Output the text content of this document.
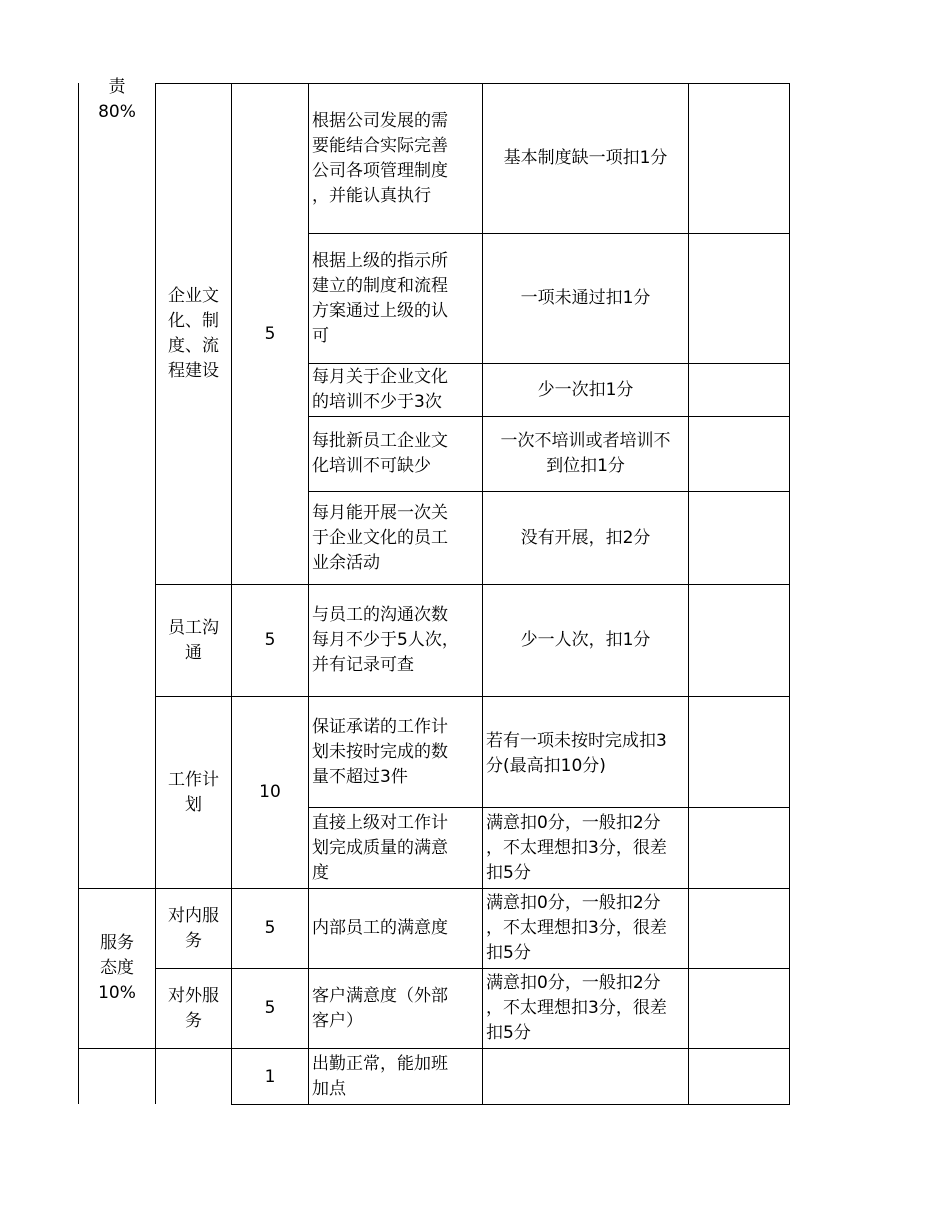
责
80%
企业文
化、制
度、流
程建设
5
根据公司发展的需
要能结合实际完善
公司各项管理制度
，并能认真执行
基本制度缺一项扣1分
根据上级的指示所
建立的制度和流程
方案通过上级的认
可
一项未通过扣1分
每月关于企业文化
的培训不少于3次
少一次扣1分
每批新员工企业文
化培训不可缺少
一次不培训或者培训不
到位扣1分
每月能开展一次关
于企业文化的员工
业余活动
没有开展，扣2分
员工沟
通
5
与员工的沟通次数
每月不少于5人次，
并有记录可查
少一人次，扣1分
工作计
划
10
保证承诺的工作计
划未按时完成的数
量不超过3件
若有一项未按时完成扣3
分(最高扣10分)
直接上级对工作计
划完成质量的满意
度
满意扣0分，一般扣2分
，不太理想扣3分，很差
扣5分
服务
态度
10%
对内服
务
5	内部员工的满意度
满意扣0分，一般扣2分
，不太理想扣3分，很差
扣5分
对外服
务
5
客户满意度（外部
客户）
满意扣0分，一般扣2分
，不太理想扣3分，很差
扣5分
1
出勤正常，能加班
加点
